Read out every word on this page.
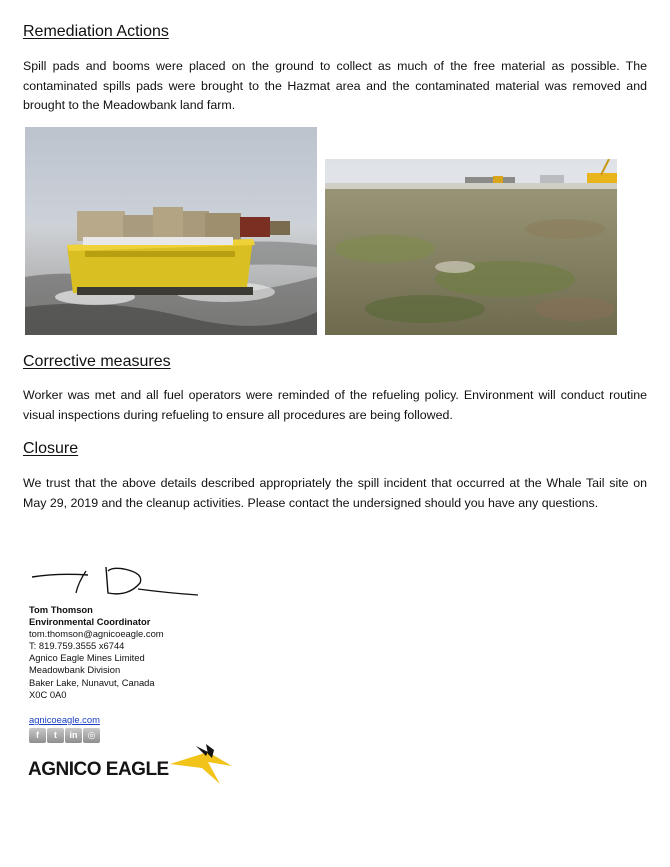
Remediation Actions
Spill pads and booms were placed on the ground to collect as much of the free material as possible. The contaminated spills pads were brought to the Hazmat area and the contaminated material was removed and brought to the Meadowbank land farm.
Corrective measures
Worker was met and all fuel operators were reminded of the refueling policy. Environment will conduct routine visual inspections during refueling to ensure all procedures are being followed.
Closure
We trust that the above details described appropriately the spill incident that occurred at the Whale Tail site on May 29, 2019 and the cleanup activities. Please contact the undersigned should you have any questions.
Tom Thomson
Environmental Coordinator
tom.thomson@agnicoeagle.com
T: 819.759.3555 x6744
Agnico Eagle Mines Limited
Meadowbank Division
Baker Lake, Nunavut, Canada
X0C 0A0
agnicoeagle.com
f	t	in	◎
AGNICO EAGLE
